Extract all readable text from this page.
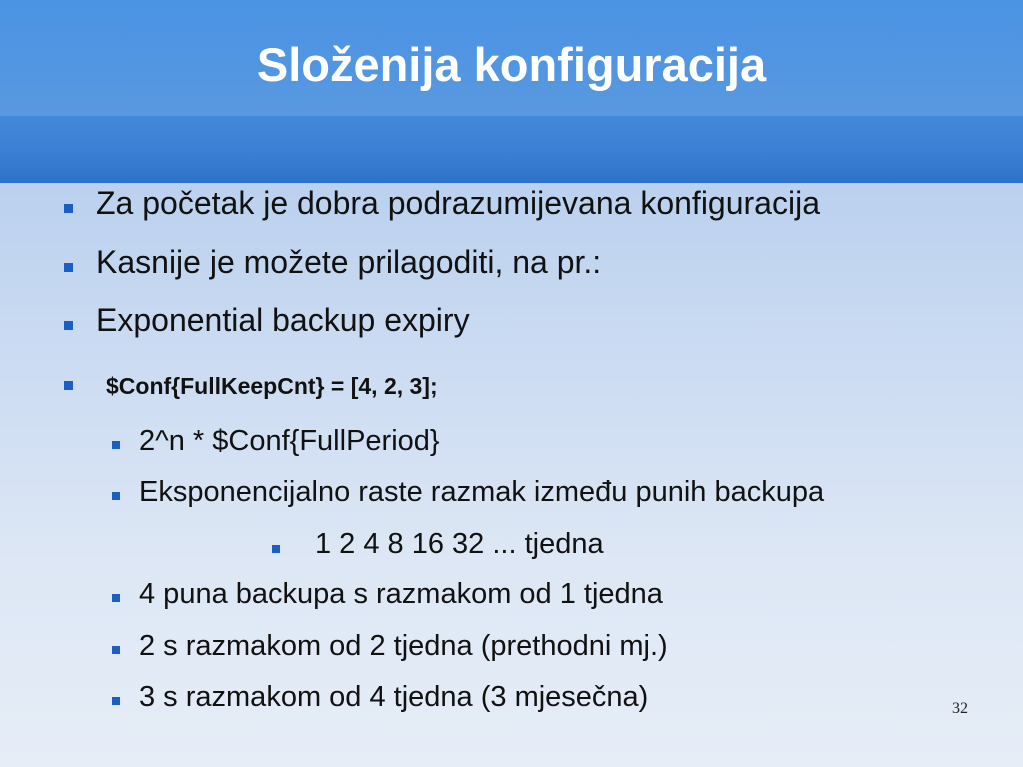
Složenija konfiguracija
Za početak je dobra podrazumijevana konfiguracija
Kasnije je možete prilagoditi, na pr.:
Exponential backup expiry
$Conf{FullKeepCnt} = [4, 2, 3];
2^n * $Conf{FullPeriod}
Eksponencijalno raste razmak između punih backupa
1 2 4 8 16 32 ... tjedna
4 puna backupa s razmakom od 1 tjedna
2 s razmakom od 2 tjedna (prethodni mj.)
3 s razmakom od 4 tjedna (3 mjesečna)	32
